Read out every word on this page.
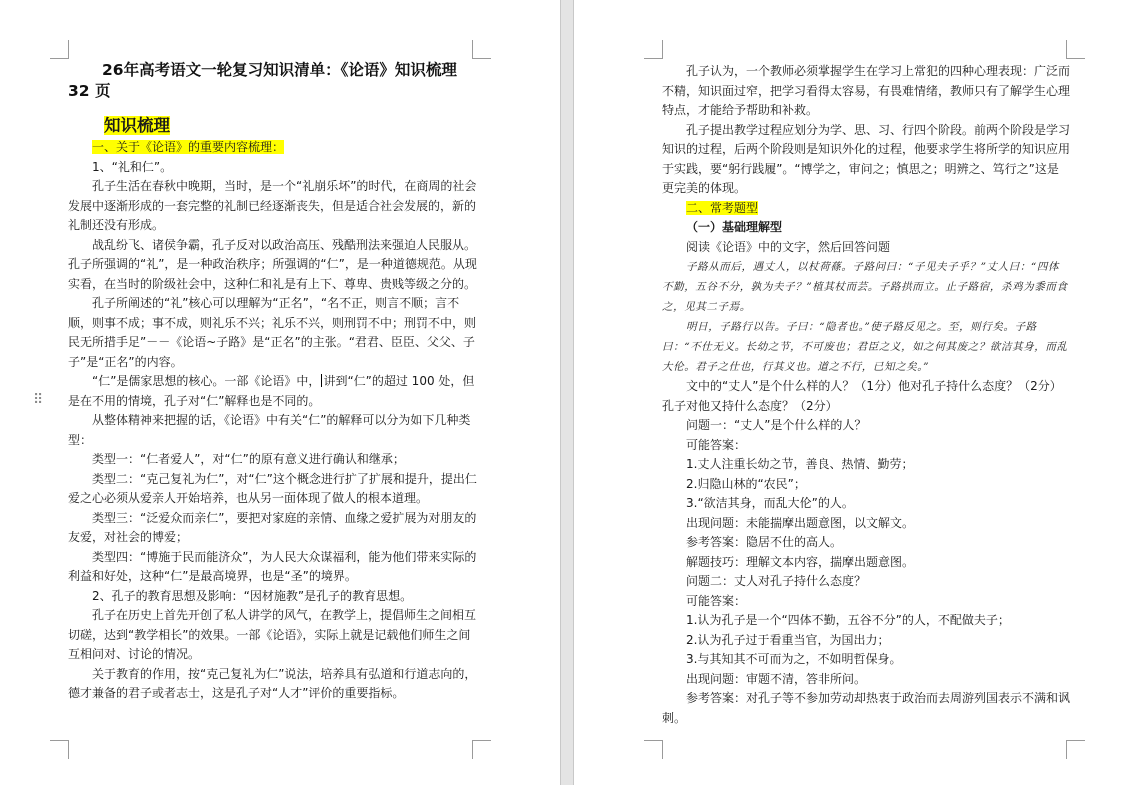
⠿
26年高考语文一轮复习知识清单：《论语》知识梳理 32 页
知识梳理
一、关于《论语》的重要内容梳理：

1、“礼和仁”。

孔子生活在春秋中晚期，当时，是一个“礼崩乐坏”的时代，在商周的社会发展中逐渐形成的一套完整的礼制已经逐渐丧失，但是适合社会发展的，新的礼制还没有形成。

战乱纷飞、诸侯争霸，孔子反对以政治高压、残酷刑法来强迫人民服从。孔子所强调的“礼”，是一种政治秩序；所强调的“仁”，是一种道德规范。从现实看，在当时的阶级社会中，这种仁和礼是有上下、尊卑、贵贱等级之分的。

孔子所阐述的“礼”核心可以理解为“正名”，“名不正，则言不顺；言不顺，则事不成；事不成，则礼乐不兴；礼乐不兴，则刑罚不中；刑罚不中，则民无所措手足”－－《论语~子路》是“正名”的主张。“君君、臣臣、父父、子子”是“正名”的内容。

“仁”是儒家思想的核心。一部《论语》中， 讲到“仁”的超过 100 处，但是在不用的情境，孔子对“仁”解释也是不同的。

从整体精神来把握的话，《论语》中有关“仁”的解释可以分为如下几种类型：

类型一：“仁者爱人”，对“仁”的原有意义进行确认和继承；

类型二：“克己复礼为仁”，对“仁”这个概念进行扩了扩展和提升，提出仁爱之心必须从爱亲人开始培养，也从另一面体现了做人的根本道理。

类型三：“泛爱众而亲仁”，要把对家庭的亲情、血缘之爱扩展为对朋友的友爱，对社会的博爱；

类型四：“博施于民而能济众”，为人民大众谋福利，能为他们带来实际的利益和好处，这种“仁”是最高境界，也是“圣”的境界。

2、孔子的教育思想及影响：“因材施教”是孔子的教育思想。

孔子在历史上首先开创了私人讲学的风气，在教学上，提倡师生之间相互切磋，达到“教学相长”的效果。一部《论语》，实际上就是记载他们师生之间互相问对、讨论的情况。

关于教育的作用，按“克己复礼为仁”说法，培养具有弘道和行道志向的，德才兼备的君子或者志士，这是孔子对“人才”评价的重要指标。

孔子认为，一个教师必须掌握学生在学习上常犯的四种心理表现：广泛而不精，知识面过窄，把学习看得太容易，有畏难情绪，教师只有了解学生心理特点，才能给予帮助和补救。

孔子提出教学过程应划分为学、思、习、行四个阶段。前两个阶段是学习知识的过程，后两个阶段则是知识外化的过程，他要求学生将所学的知识应用于实践，要“躬行践履”。“博学之，审问之；慎思之；明辨之、笃行之”这是更完美的体现。

二、常考题型

（一）基础理解型

阅读《论语》中的文字，然后回答问题

子路从而后，遇丈人，以杖荷蓧。子路问曰：“子见夫子乎？”丈人曰：“四体不勤，五谷不分，孰为夫子？”植其杖而芸。子路拱而立。止子路宿，杀鸡为黍而食之，见其二子焉。

明日，子路行以告。子曰：“隐者也。”使子路反见之。至，则行矣。子路曰：“不仕无义。长幼之节，不可废也；君臣之义，如之何其废之？欲洁其身，而乱大伦。君子之仕也，行其义也。道之不行，已知之矣。”

文中的“丈人”是个什么样的人？（1分）他对孔子持什么态度？（2分）孔子对他又持什么态度？（2分）

问题一：“丈人”是个什么样的人？

可能答案：

1.丈人注重长幼之节，善良、热情、勤劳；

2.归隐山林的“农民”；

3.“欲洁其身，而乱大伦”的人。

出现问题：未能揣摩出题意图，以文解文。

参考答案：隐居不仕的高人。

解题技巧：理解文本内容，揣摩出题意图。

问题二：丈人对孔子持什么态度？

可能答案：

1.认为孔子是一个“四体不勤，五谷不分”的人，不配做夫子；

2.认为孔子过于看重当官，为国出力；

3.与其知其不可而为之，不如明哲保身。

出现问题：审题不清，答非所问。

参考答案：对孔子等不参加劳动却热衷于政治而去周游列国表示不满和讽刺。
